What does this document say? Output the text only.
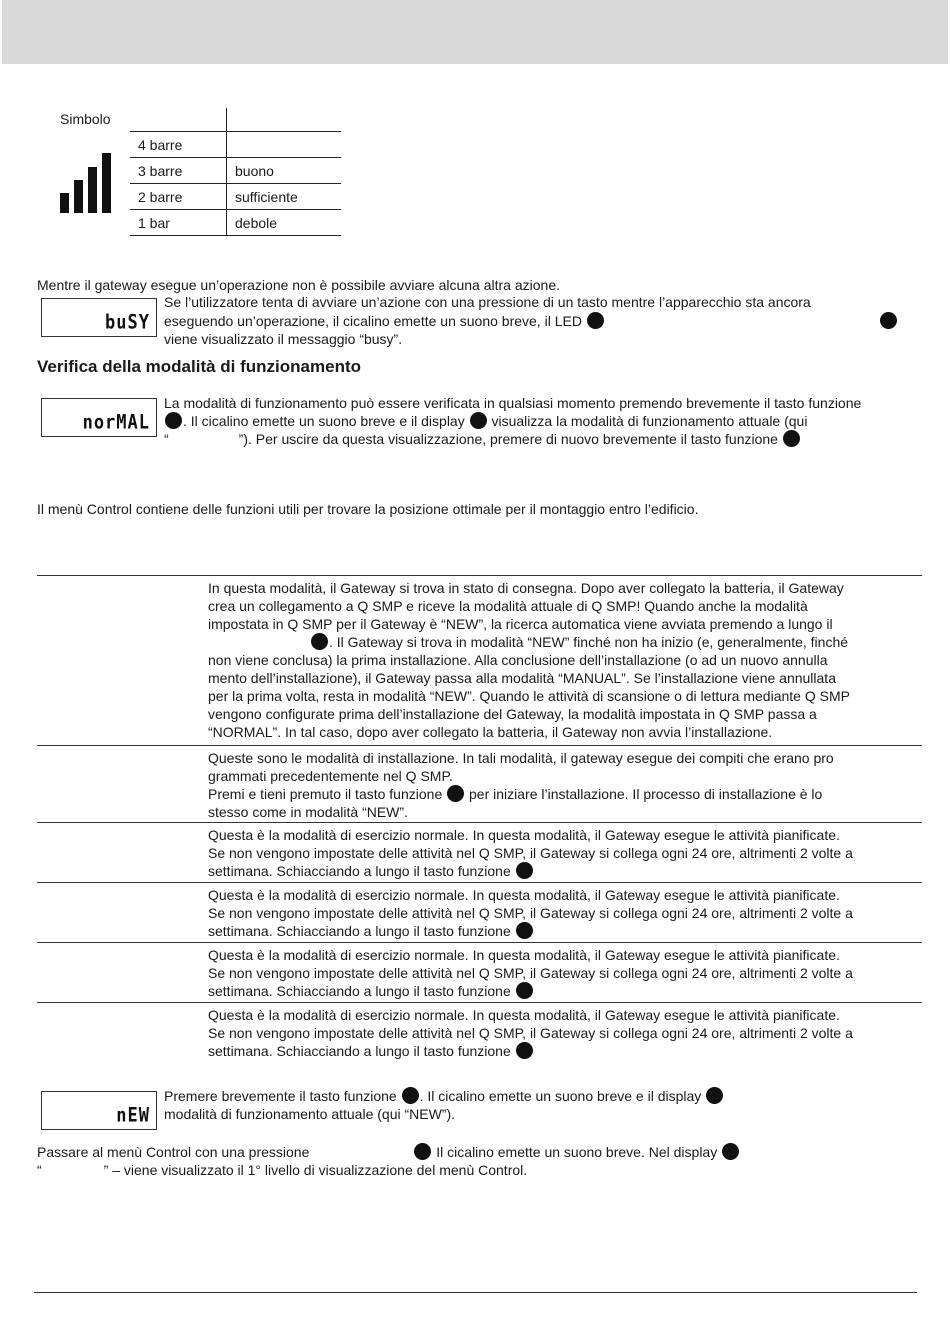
Simbolo

4 barre	
3 barre	buono
2 barre	sufficiente
1 bar	debole
Mentre il gateway esegue un’operazione non è possibile avviare alcuna altra azione.
buSY
Se l’utilizzatore tenta di avviare un’azione con una pressione di un tasto mentre l’apparecchio sta ancora
eseguendo un’operazione, il cicalino emette un suono breve, il LED
viene visualizzato il messaggio “busy”.
Verifica della modalità di funzionamento
norMAL
La modalità di funzionamento può essere verificata in qualsiasi momento premendo brevemente il tasto funzione
. Il cicalino emette un suono breve e il display visualizza la modalità di funzionamento attuale (qui
“	”). Per uscire da questa visualizzazione, premere di nuovo brevemente il tasto funzione
Il menù Control contiene delle funzioni utili per trovare la posizione ottimale per il montaggio entro l’edificio.
In questa modalità, il Gateway si trova in stato di consegna. Dopo aver collegato la batteria, il Gateway
crea un collegamento a Q SMP e riceve la modalità attuale di Q SMP! Quando anche la modalità
impostata in Q SMP per il Gateway è “NEW”, la ricerca automatica viene avviata premendo a lungo il
. Il Gateway si trova in modalità “NEW” finché non ha inizio (e, generalmente, finché
non viene conclusa) la prima installazione. Alla conclusione dell’installazione (o ad un nuovo annulla
mento dell’installazione), il Gateway passa alla modalità “MANUAL”. Se l’installazione viene annullata
per la prima volta, resta in modalità “NEW”. Quando le attività di scansione o di lettura mediante Q SMP
vengono configurate prima dell’installazione del Gateway, la modalità impostata in Q SMP passa a
“NORMAL”. In tal caso, dopo aver collegato la batteria, il Gateway non avvia l’installazione.
Queste sono le modalità di installazione. In tali modalità, il gateway esegue dei compiti che erano pro
grammati precedentemente nel Q SMP.
Premi e tieni premuto il tasto funzione per iniziare l’installazione. Il processo di installazione è lo
stesso come in modalità “NEW”.
Questa è la modalità di esercizio normale. In questa modalità, il Gateway esegue le attività pianificate.
Se non vengono impostate delle attività nel Q SMP, il Gateway si collega ogni 24 ore, altrimenti 2 volte a
settimana. Schiacciando a lungo il tasto funzione
Questa è la modalità di esercizio normale. In questa modalità, il Gateway esegue le attività pianificate.
Se non vengono impostate delle attività nel Q SMP, il Gateway si collega ogni 24 ore, altrimenti 2 volte a
settimana. Schiacciando a lungo il tasto funzione
Questa è la modalità di esercizio normale. In questa modalità, il Gateway esegue le attività pianificate.
Se non vengono impostate delle attività nel Q SMP, il Gateway si collega ogni 24 ore, altrimenti 2 volte a
settimana. Schiacciando a lungo il tasto funzione
Questa è la modalità di esercizio normale. In questa modalità, il Gateway esegue le attività pianificate.
Se non vengono impostate delle attività nel Q SMP, il Gateway si collega ogni 24 ore, altrimenti 2 volte a
settimana. Schiacciando a lungo il tasto funzione
nEW
Premere brevemente il tasto funzione . Il cicalino emette un suono breve e il display
modalità di funzionamento attuale (qui “NEW”).
Passare al menù Control con una pressione	Il cicalino emette un suono breve. Nel display
“	” – viene visualizzato il 1° livello di visualizzazione del menù Control.
